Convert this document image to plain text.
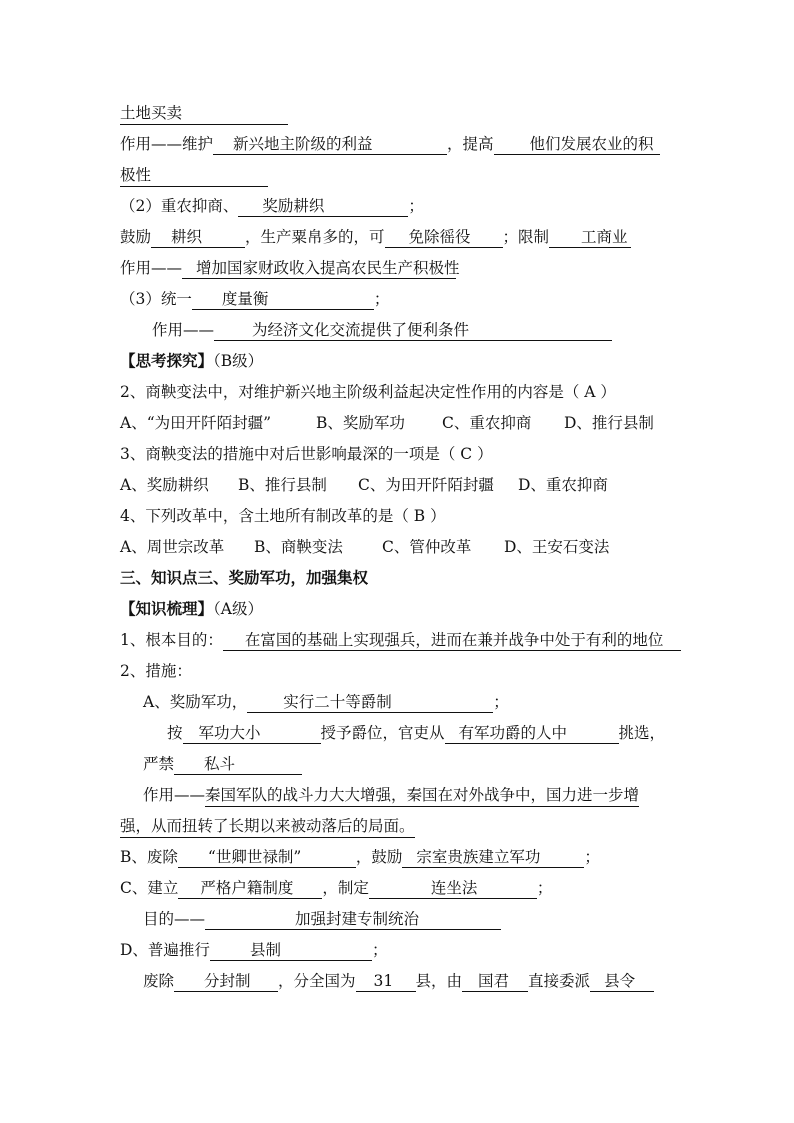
土地买卖
作用——维护 新兴地主阶级的利益	，提高 他们发展农业的积
极性
（2）重农抑商、 奖励耕织	；
鼓励 耕织	，生产粟帛多的，可 免除徭役 ；限制 工商业
作用—— 增加国家财政收入提高农民生产积极性
（3）统一 度量衡	；
作用—— 为经济文化交流提供了便利条件
【思考探究】（B级）
2、商鞅变法中，对维护新兴地主阶级利益起决定性作用的内容是（ A ）
A、“为田开阡陌封疆”	B、奖励军功 C、重农抑商 D、推行县制
3、商鞅变法的措施中对后世影响最深的一项是（ C ）
A、奖励耕织 B、推行县制 C、为田开阡陌封疆 D、重农抑商
4、下列改革中，含土地所有制改革的是（ B ）
A、周世宗改革 B、商鞅变法	C、管仲改革 D、王安石变法
三、知识点三、奖励军功，加强集权
【知识梳理】（A级）
1、根本目的： 在富国的基础上实现强兵，进而在兼并战争中处于有利的地位
2、措施：
A、奖励军功， 实行二十等爵制	；
按 军功大小	授予爵位，官吏从 有军功爵的人中	挑选，
严禁 私斗
作用——秦国军队的战斗力大大增强，秦国在对外战争中，国力进一步增
强，从而扭转了长期以来被动落后的局面。
B、废除 “世卿世禄制”	，鼓励 宗室贵族建立军功	；
C、建立 严格户籍制度 ，制定	连坐法	；
目的——	加强封建专制统治
D、普遍推行	县制	；
废除 分封制 ，分全国为 31 县，由 国君 直接委派 县令
